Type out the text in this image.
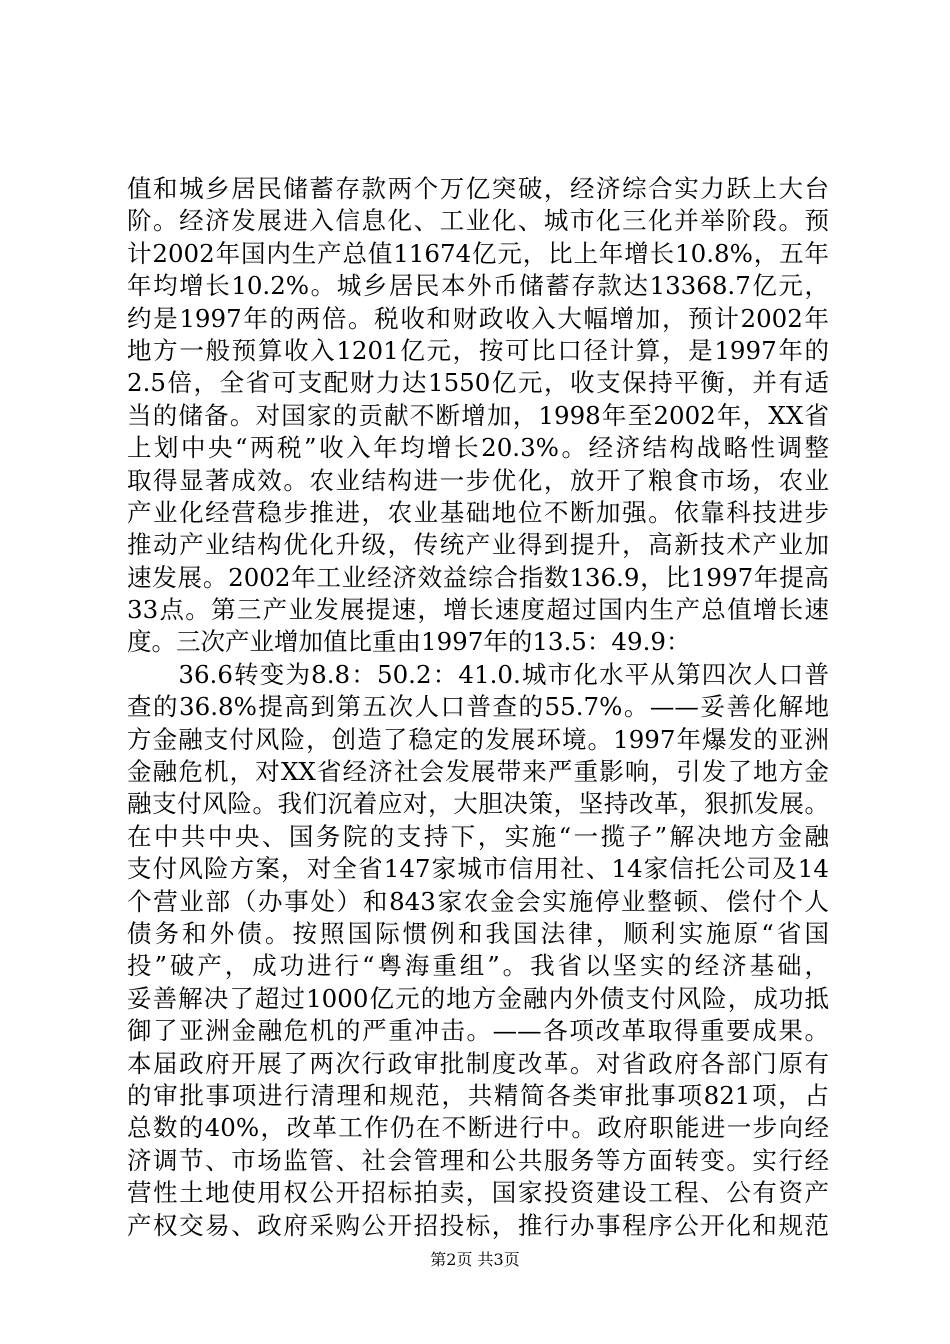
值和城乡居民储蓄存款两个万亿突破，经济综合实力跃上大台
阶。经济发展进入信息化、工业化、城市化三化并举阶段。预
计2002年国内生产总值11674亿元，比上年增长10.8%，五年
年均增长10.2%。城乡居民本外币储蓄存款达13368.7亿元，
约是1997年的两倍。税收和财政收入大幅增加，预计2002年
地方一般预算收入1201亿元，按可比口径计算，是1997年的
2.5倍，全省可支配财力达1550亿元，收支保持平衡，并有适
当的储备。对国家的贡献不断增加，1998年至2002年，XX省
上划中央“两税”收入年均增长20.3%。经济结构战略性调整
取得显著成效。农业结构进一步优化，放开了粮食市场，农业
产业化经营稳步推进，农业基础地位不断加强。依靠科技进步
推动产业结构优化升级，传统产业得到提升，高新技术产业加
速发展。2002年工业经济效益综合指数136.9，比1997年提高
33点。第三产业发展提速，增长速度超过国内生产总值增长速
度。三次产业增加值比重由1997年的13.5：49.9：
　　36.6转变为8.8：50.2：41.0.城市化水平从第四次人口普
查的36.8%提高到第五次人口普查的55.7%。——妥善化解地
方金融支付风险，创造了稳定的发展环境。1997年爆发的亚洲
金融危机，对XX省经济社会发展带来严重影响，引发了地方金
融支付风险。我们沉着应对，大胆决策，坚持改革，狠抓发展。
在中共中央、国务院的支持下，实施“一揽子”解决地方金融
支付风险方案，对全省147家城市信用社、14家信托公司及14
个营业部（办事处）和843家农金会实施停业整顿、偿付个人
债务和外债。按照国际惯例和我国法律，顺利实施原“省国
投”破产，成功进行“粤海重组”。我省以坚实的经济基础，
妥善解决了超过1000亿元的地方金融内外债支付风险，成功抵
御了亚洲金融危机的严重冲击。——各项改革取得重要成果。
本届政府开展了两次行政审批制度改革。对省政府各部门原有
的审批事项进行清理和规范，共精简各类审批事项821项，占
总数的40%，改革工作仍在不断进行中。政府职能进一步向经
济调节、市场监管、社会管理和公共服务等方面转变。实行经
营性土地使用权公开招标拍卖，国家投资建设工程、公有资产
产权交易、政府采购公开招投标，推行办事程序公开化和规范
第2页 共3页
